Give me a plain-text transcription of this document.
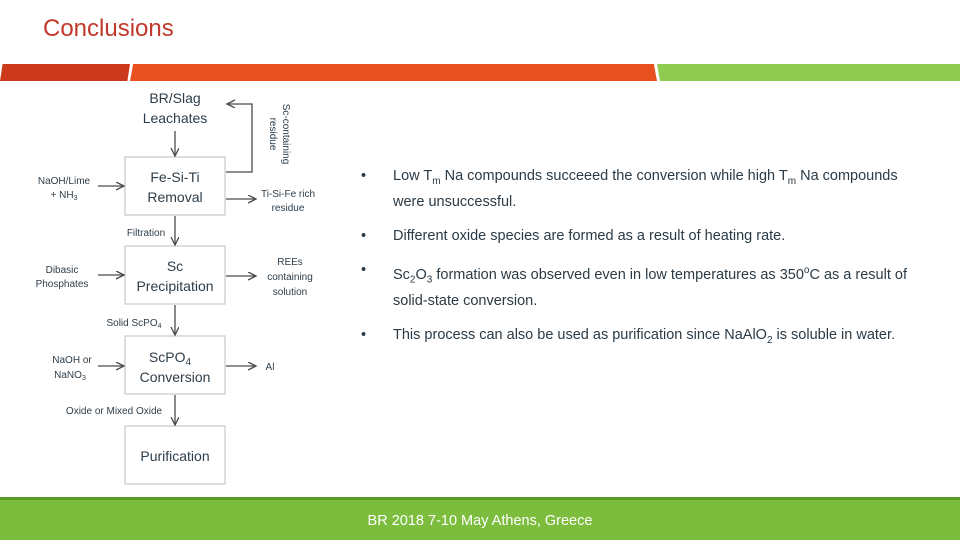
Conclusions
BR/Slag
Leachates
Fe-Si-Ti
Removal
Sc
Precipitation
ScPO$_4$
Conversion
Purification
Filtration
Solid ScPO$_4$
Oxide or Mixed Oxide
NaOH/Lime
+ $NH_3$
Dibasic
Phosphates
NaOH or
NaNO$_3$
Sc-containing
residue
Ti-Si-Fe rich
residue
REEs
containing
solution
Al
• Low $T_m$ Na compounds succeeed the conversion while high $T_m$ Na compounds were unsuccessful.
• Different oxide species are formed as a result of heating rate.
• $Sc_2O_3$ formation was observed even in low temperatures as 350$^o$C as a result of solid-state conversion.
• This process can also be used as purification since NaAlO$_2$ is soluble in water.
BR 2018 7-10 May Athens, Greece
